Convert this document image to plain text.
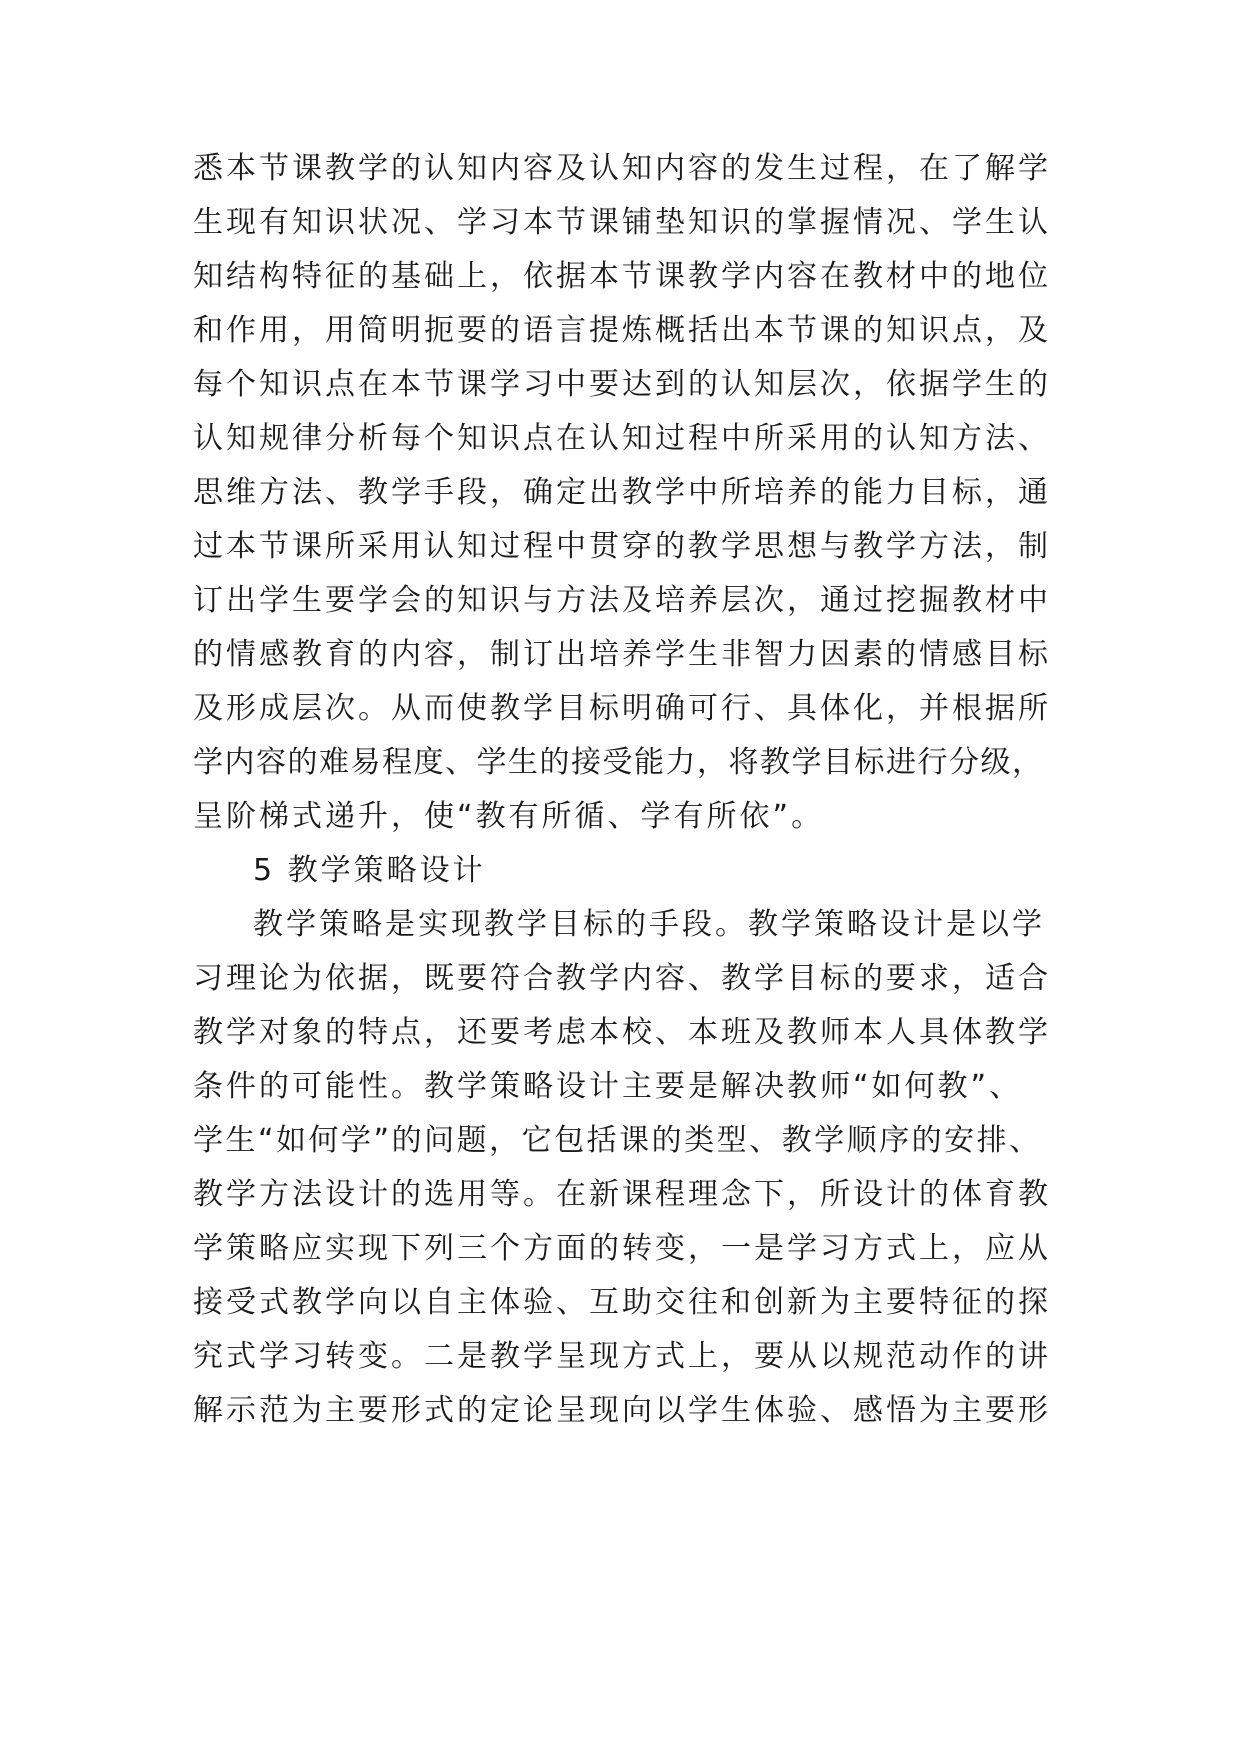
悉本节课教学的认知内容及认知内容的发生过程，在了解学
生现有知识状况、学习本节课铺垫知识的掌握情况、学生认
知结构特征的基础上，依据本节课教学内容在教材中的地位
和作用，用简明扼要的语言提炼概括出本节课的知识点，及
每个知识点在本节课学习中要达到的认知层次，依据学生的
认知规律分析每个知识点在认知过程中所采用的认知方法、
思维方法、教学手段，确定出教学中所培养的能力目标，通
过本节课所采用认知过程中贯穿的教学思想与教学方法，制
订出学生要学会的知识与方法及培养层次，通过挖掘教材中
的情感教育的内容，制订出培养学生非智力因素的情感目标
及形成层次。从而使教学目标明确可行、具体化，并根据所
学内容的难易程度、学生的接受能力，将教学目标进行分级，
呈阶梯式递升，使“教有所循、学有所依”。
5 教学策略设计
教学策略是实现教学目标的手段。教学策略设计是以学
习理论为依据，既要符合教学内容、教学目标的要求，适合
教学对象的特点，还要考虑本校、本班及教师本人具体教学
条件的可能性。教学策略设计主要是解决教师“如何教”、
学生“如何学”的问题，它包括课的类型、教学顺序的安排、
教学方法设计的选用等。在新课程理念下，所设计的体育教
学策略应实现下列三个方面的转变，一是学习方式上，应从
接受式教学向以自主体验、互助交往和创新为主要特征的探
究式学习转变。二是教学呈现方式上，要从以规范动作的讲
解示范为主要形式的定论呈现向以学生体验、感悟为主要形
